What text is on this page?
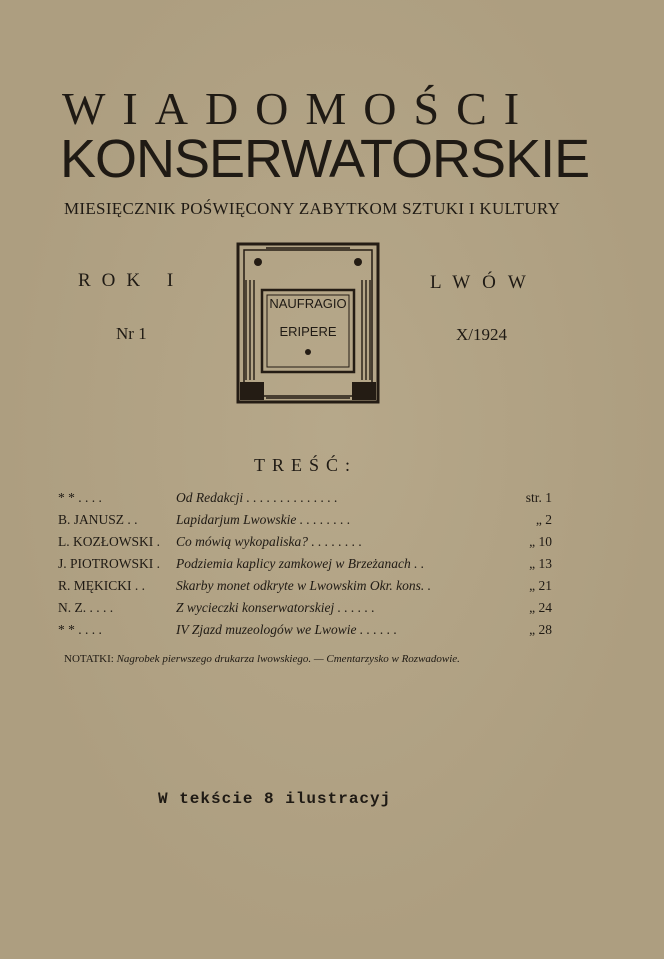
WIADOMOŚCI
KONSERWATORSKIE
MIESIĘCZNIK POŚWIĘCONY ZABYTKOM SZTUKI I KULTURY
ROK I	LWÓW
Nr 1	X/1924
NAUFRAGIO
ERIPERE
TREŚĆ:
* * . . . .	Od Redakcji . . . . . . . . . . . . . .	str. 1
B. JANUSZ . .	Lapidarjum Lwowskie . . . . . . . .	„ 2
L. KOZŁOWSKI . Co mówią wykopaliska? . . . . . . . .	„ 10
J. PIOTROWSKI . Podziemia kaplicy zamkowej w Brzeżanach . .	„ 13
R. MĘKICKI . . Skarby monet odkryte w Lwowskim Okr. kons. .	„ 21
N. Z. . . . .	Z wycieczki konserwatorskiej . . . . . .	„ 24
* * . . . .	IV Zjazd muzeologów we Lwowie . . . . . .	„ 28
NOTATKI: Nagrobek pierwszego drukarza lwowskiego. — Cmentarzysko w Rozwadowie.
W tekście 8 ilustracyj
